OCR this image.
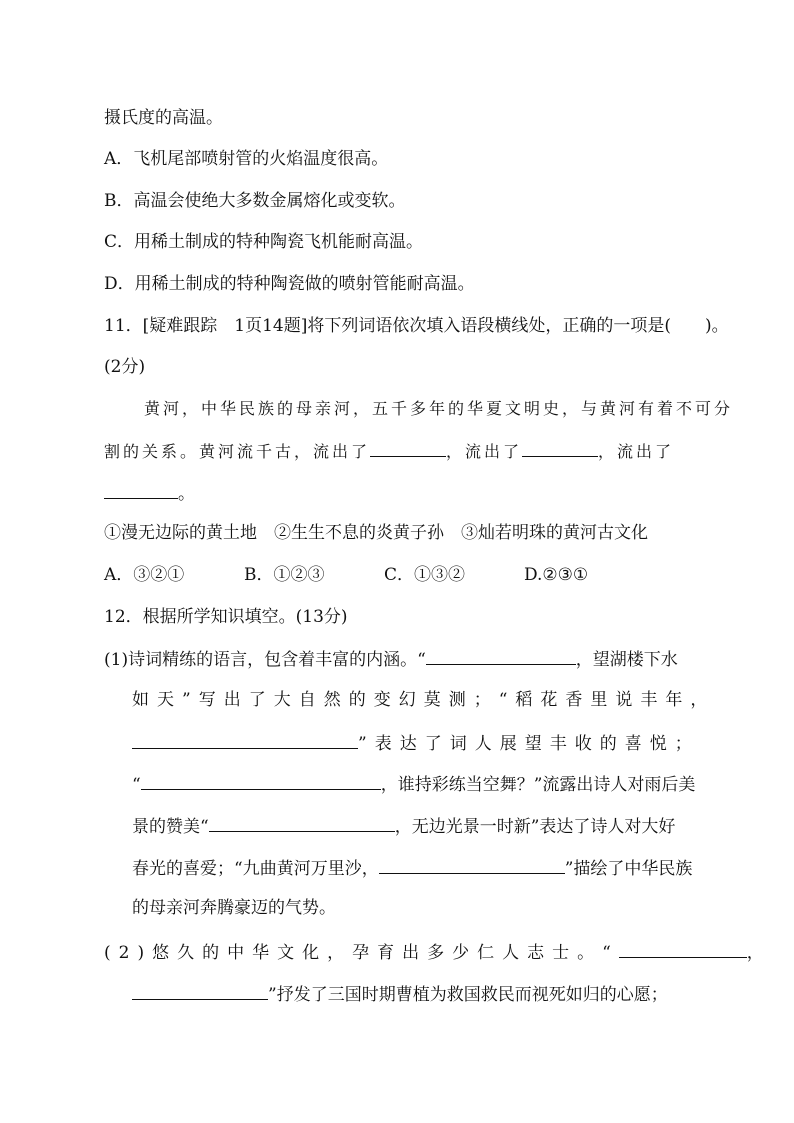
摄氏度的高温。
A．飞机尾部喷射管的火焰温度很高。
B．高温会使绝大多数金属熔化或变软。
C．用稀土制成的特种陶瓷飞机能耐高温。
D．用稀土制成的特种陶瓷做的喷射管能耐高温。
11．[疑难跟踪　1页14题]将下列词语依次填入语段横线处，正确的一项是(　　)。
(2分)
黄河，中华民族的母亲河，五千多年的华夏文明史，与黄河有着不可分
割的关系。黄河流千古，流出了	，流出了	，流出了
。
①漫无边际的黄土地　②生生不息的炎黄子孙　③灿若明珠的黄河古文化
A．③②①	B．①②③	C．①③②	D.②③①
12．根据所学知识填空。(13分)
(1)诗词精练的语言，包含着丰富的内涵。“	，望湖楼下水
如天”写出了大自然的变幻莫测；“稻花香里说丰年，
”表达了词人展望丰收的喜悦；
“	，谁持彩练当空舞？”流露出诗人对雨后美
景的赞美“	，无边光景一时新”表达了诗人对大好
春光的喜爱；“九曲黄河万里沙，	”描绘了中华民族
的母亲河奔腾豪迈的气势。
(2)悠久的中华文化，孕育出多少仁人志士。“	，
”抒发了三国时期曹植为救国救民而视死如归的心愿；
